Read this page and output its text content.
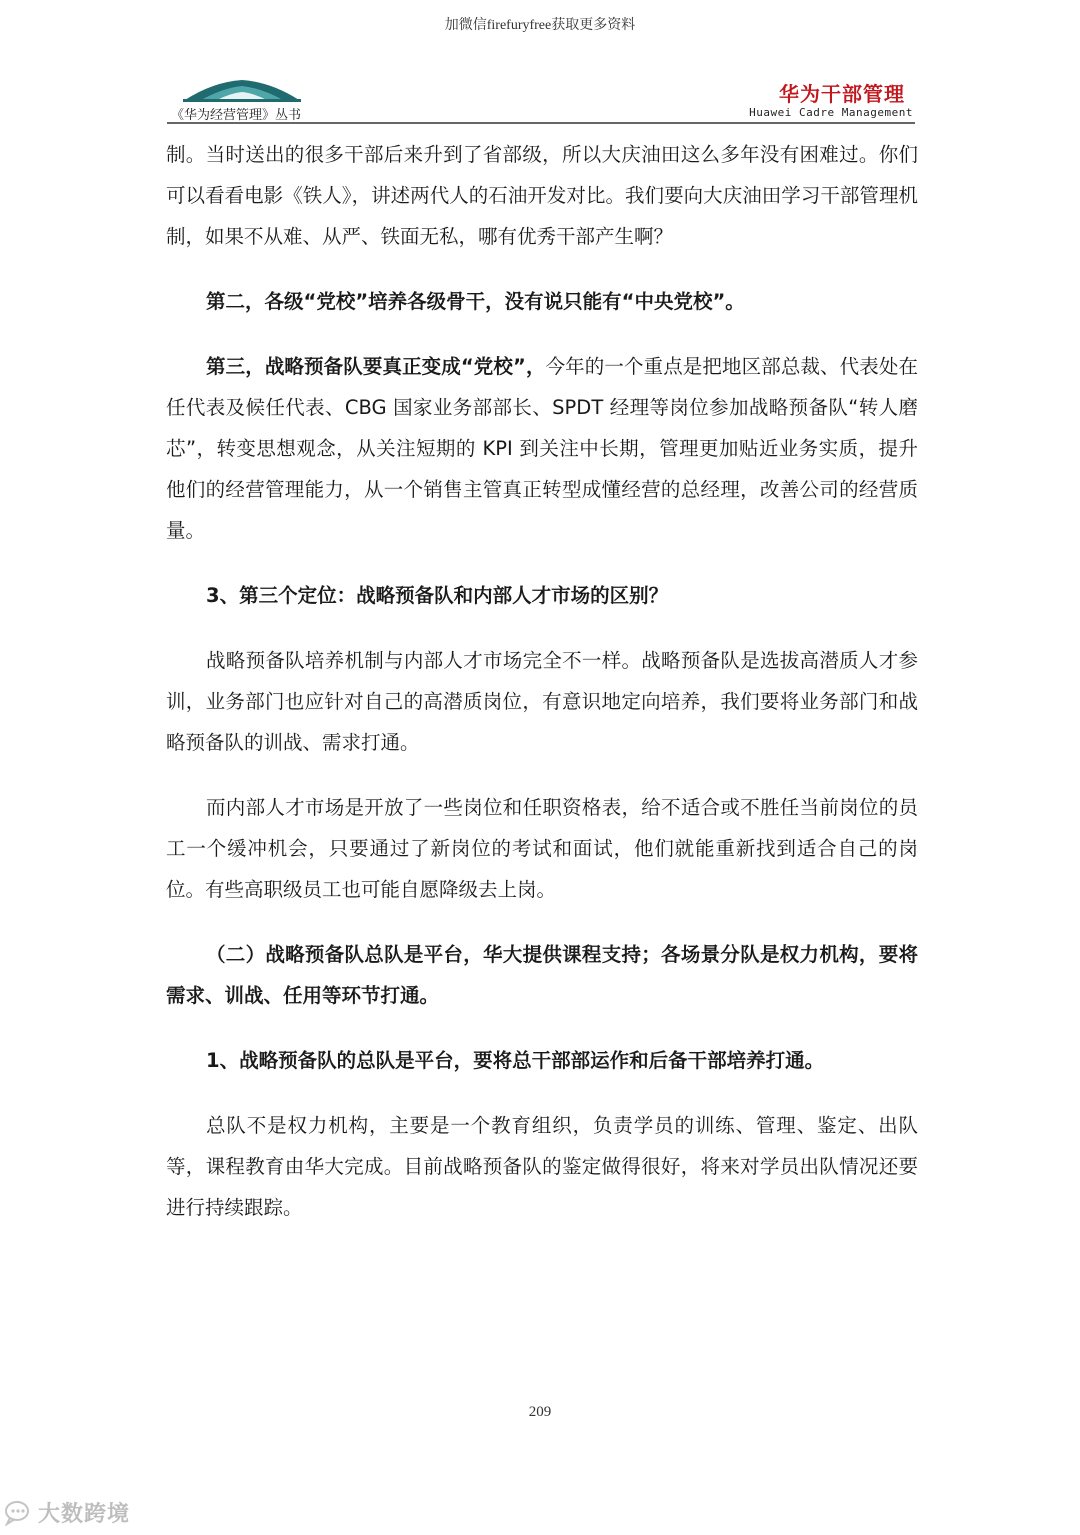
加微信firefuryfree获取更多资料
《华为经营管理》丛书
华为干部管理
Huawei Cadre Management

制。当时送出的很多干部后来升到了省部级，所以大庆油田这么多年没有困难过。你们可以看看电影《铁人》，讲述两代人的石油开发对比。我们要向大庆油田学习干部管理机制，如果不从难、从严、铁面无私，哪有优秀干部产生啊？

第二，各级“党校”培养各级骨干，没有说只能有“中央党校”。

第三，战略预备队要真正变成“党校”，今年的一个重点是把地区部总裁、代表处在任代表及候任代表、CBG 国家业务部部长、SPDT 经理等岗位参加战略预备队“转人磨芯”，转变思想观念，从关注短期的 KPI 到关注中长期，管理更加贴近业务实质，提升他们的经营管理能力，从一个销售主管真正转型成懂经营的总经理，改善公司的经营质量。

3、第三个定位：战略预备队和内部人才市场的区别？

战略预备队培养机制与内部人才市场完全不一样。战略预备队是选拔高潜质人才参训，业务部门也应针对自己的高潜质岗位，有意识地定向培养，我们要将业务部门和战略预备队的训战、需求打通。

而内部人才市场是开放了一些岗位和任职资格表，给不适合或不胜任当前岗位的员工一个缓冲机会，只要通过了新岗位的考试和面试，他们就能重新找到适合自己的岗位。有些高职级员工也可能自愿降级去上岗。

（二）战略预备队总队是平台，华大提供课程支持；各场景分队是权力机构，要将需求、训战、任用等环节打通。

1、战略预备队的总队是平台，要将总干部部运作和后备干部培养打通。

总队不是权力机构，主要是一个教育组织，负责学员的训练、管理、鉴定、出队等，课程教育由华大完成。目前战略预备队的鉴定做得很好，将来对学员出队情况还要进行持续跟踪。

209
大数跨境
